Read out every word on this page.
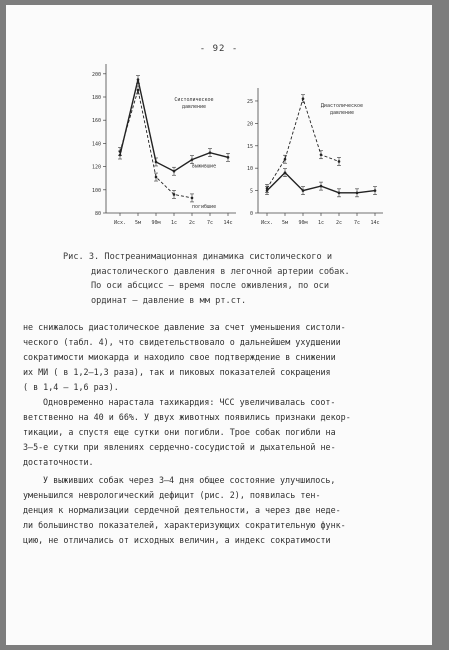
- 92 -
80
100
120
140
160
180
200
Исх. 5м 90м 1с 2с 7с 14с
Систолическое
давление
выжившие
погибшие
0
5
10
15
20
25
Исх. 5м 90м 1с 2с 7с 14с
Диастолическое
давление
Рис. 3. Постреанимационная динамика систолического и
диастолического давления в легочной артерии собак.
По оси абсцисс – время после оживления, по оси
ординат – давление в мм рт.ст.
не снижалось диастолическое давление за счет уменьшения систоли-
ческого (табл. 4), что свидетельствовало о дальнейшем ухудшении
сократимости миокарда и находило свое подтверждение в снижении
их МИ ( в 1,2–1,3 раза), так и пиковых показателей сокращения
( в 1,4 – 1,6 раз).
Одновременно нарастала тахикардия: ЧСС увеличивалась соот-
ветственно на 40 и 66%. У двух животных появились признаки декор-
тикации, а спустя еще сутки они погибли. Трое собак погибли на
3–5-е сутки при явлениях сердечно-сосудистой и дыхательной не-
достаточности.
У выживших собак через 3–4 дня общее состояние улучшилось,
уменьшился неврологический дефицит (рис. 2), появилась тен-
денция к нормализации сердечной деятельности, а через две неде-
ли большинство показателей, характеризующих сократительную функ-
цию, не отличались от исходных величин, а индекс сократимости
